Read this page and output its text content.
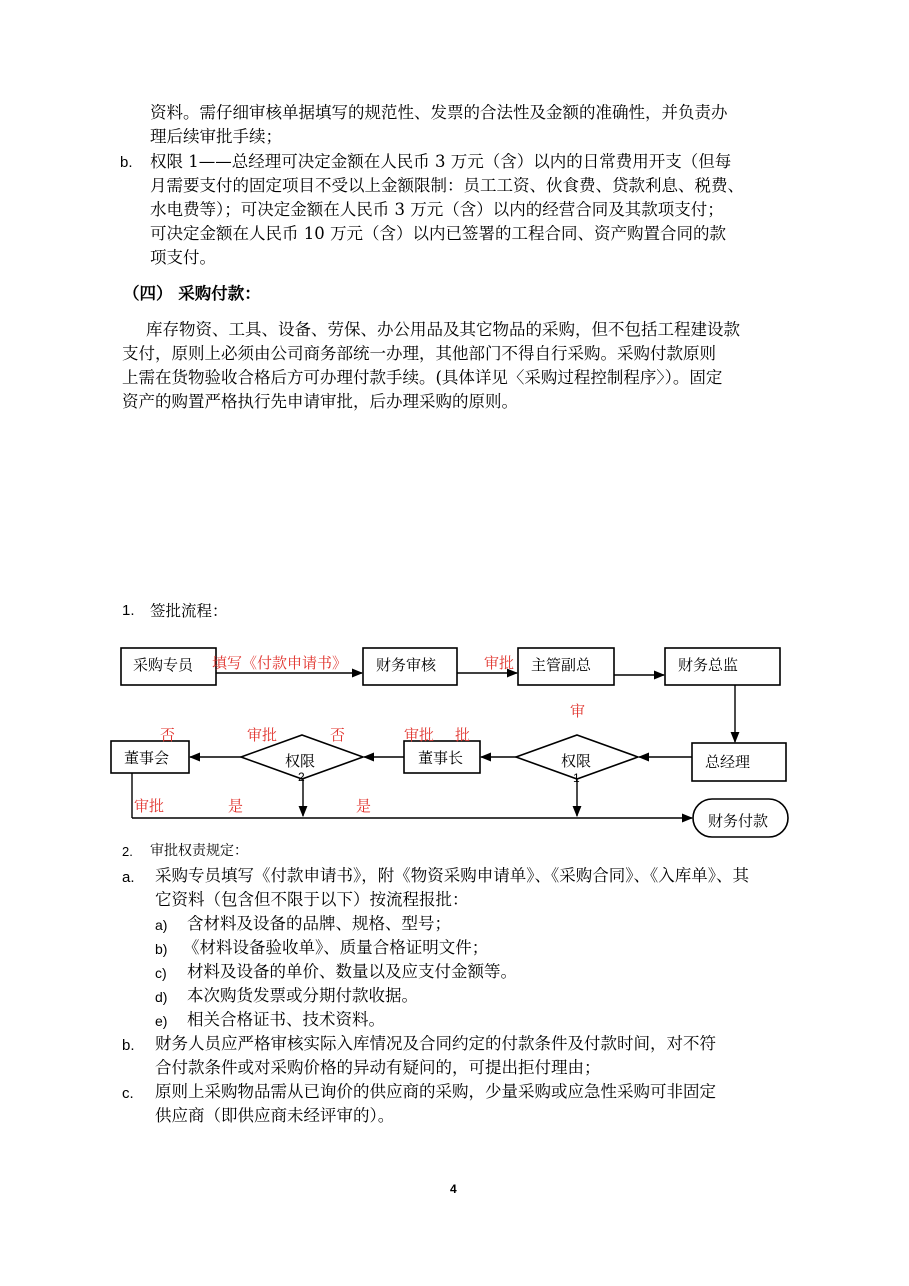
资料。需仔细审核单据填写的规范性、发票的合法性及金额的准确性，并负责办
理后续审批手续；
b. 权限 1——总经理可决定金额在人民币 3 万元（含）以内的日常费用开支（但每
月需要支付的固定项目不受以上金额限制：员工工资、伙食费、贷款利息、税费、
水电费等）；可决定金额在人民币 3 万元（含）以内的经营合同及其款项支付；
可决定金额在人民币 10 万元（含）以内已签署的工程合同、资产购置合同的款
项支付。
（四） 采购付款：
库存物资、工具、设备、劳保、办公用品及其它物品的采购，但不包括工程建设款
支付，原则上必须由公司商务部统一办理，其他部门不得自行采购。采购付款原则
上需在货物验收合格后方可办理付款手续。(具体详见〈采购过程控制程序〉）。固定
资产的购置严格执行先申请审批，后办理采购的原则。
1. 签批流程：
采购专员	财务审核	主管副总	财务总监
总经理
权限
1
董事长
权限
2
董事会
财务付款
填写《付款申请书》	审批
审
审批 批
否
审批
否
审批	是	是
2. 审批权责规定：
a. 采购专员填写《付款申请书》，附《物资采购申请单》、《采购合同》、《入库单》、其
它资料（包含但不限于以下）按流程报批：
a) 含材料及设备的品牌、规格、型号；
b) 《材料设备验收单》、质量合格证明文件；
c) 材料及设备的单价、数量以及应支付金额等。
d) 本次购货发票或分期付款收据。
e) 相关合格证书、技术资料。
b. 财务人员应严格审核实际入库情况及合同约定的付款条件及付款时间，对不符
合付款条件或对采购价格的异动有疑问的，可提出拒付理由；
c. 原则上采购物品需从已询价的供应商的采购，少量采购或应急性采购可非固定
供应商（即供应商未经评审的）。
4
